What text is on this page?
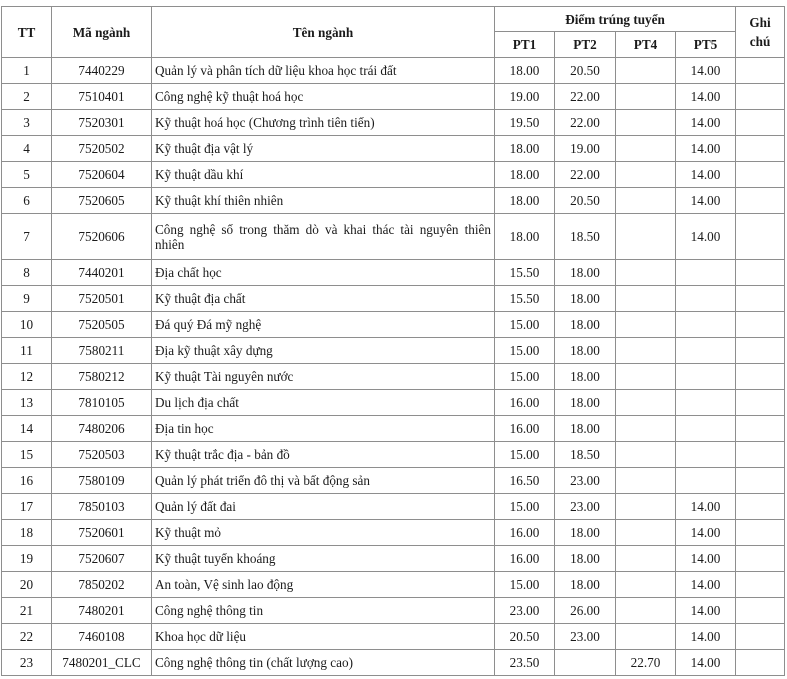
TT	Mã ngành	Tên ngành	Điểm trúng tuyển				Ghi chú
			PT1	PT2	PT4	PT5	
1	7440229	Quản lý và phân tích dữ liệu khoa học trái đất	18.00	20.50		14.00	
2	7510401	Công nghệ kỹ thuật hoá học	19.00	22.00		14.00	
3	7520301	Kỹ thuật hoá học (Chương trình tiên tiến)	19.50	22.00		14.00	
4	7520502	Kỹ thuật địa vật lý	18.00	19.00		14.00	
5	7520604	Kỹ thuật dầu khí	18.00	22.00		14.00	
6	7520605	Kỹ thuật khí thiên nhiên	18.00	20.50		14.00	
7	7520606	Công nghệ số trong thăm dò và khai thác tài nguyên thiên nhiên	18.00	18.50		14.00	
8	7440201	Địa chất học	15.50	18.00			
9	7520501	Kỹ thuật địa chất	15.50	18.00			
10	7520505	Đá quý Đá mỹ nghệ	15.00	18.00			
11	7580211	Địa kỹ thuật xây dựng	15.00	18.00			
12	7580212	Kỹ thuật Tài nguyên nước	15.00	18.00			
13	7810105	Du lịch địa chất	16.00	18.00			
14	7480206	Địa tin học	16.00	18.00			
15	7520503	Kỹ thuật trắc địa - bản đồ	15.00	18.50			
16	7580109	Quản lý phát triển đô thị và bất động sản	16.50	23.00			
17	7850103	Quản lý đất đai	15.00	23.00		14.00	
18	7520601	Kỹ thuật mỏ	16.00	18.00		14.00	
19	7520607	Kỹ thuật tuyển khoáng	16.00	18.00		14.00	
20	7850202	An toàn, Vệ sinh lao động	15.00	18.00		14.00	
21	7480201	Công nghệ thông tin	23.00	26.00		14.00	
22	7460108	Khoa học dữ liệu	20.50	23.00		14.00	
23	7480201_CLC	Công nghệ thông tin (chất lượng cao)	23.50		22.70	14.00	
